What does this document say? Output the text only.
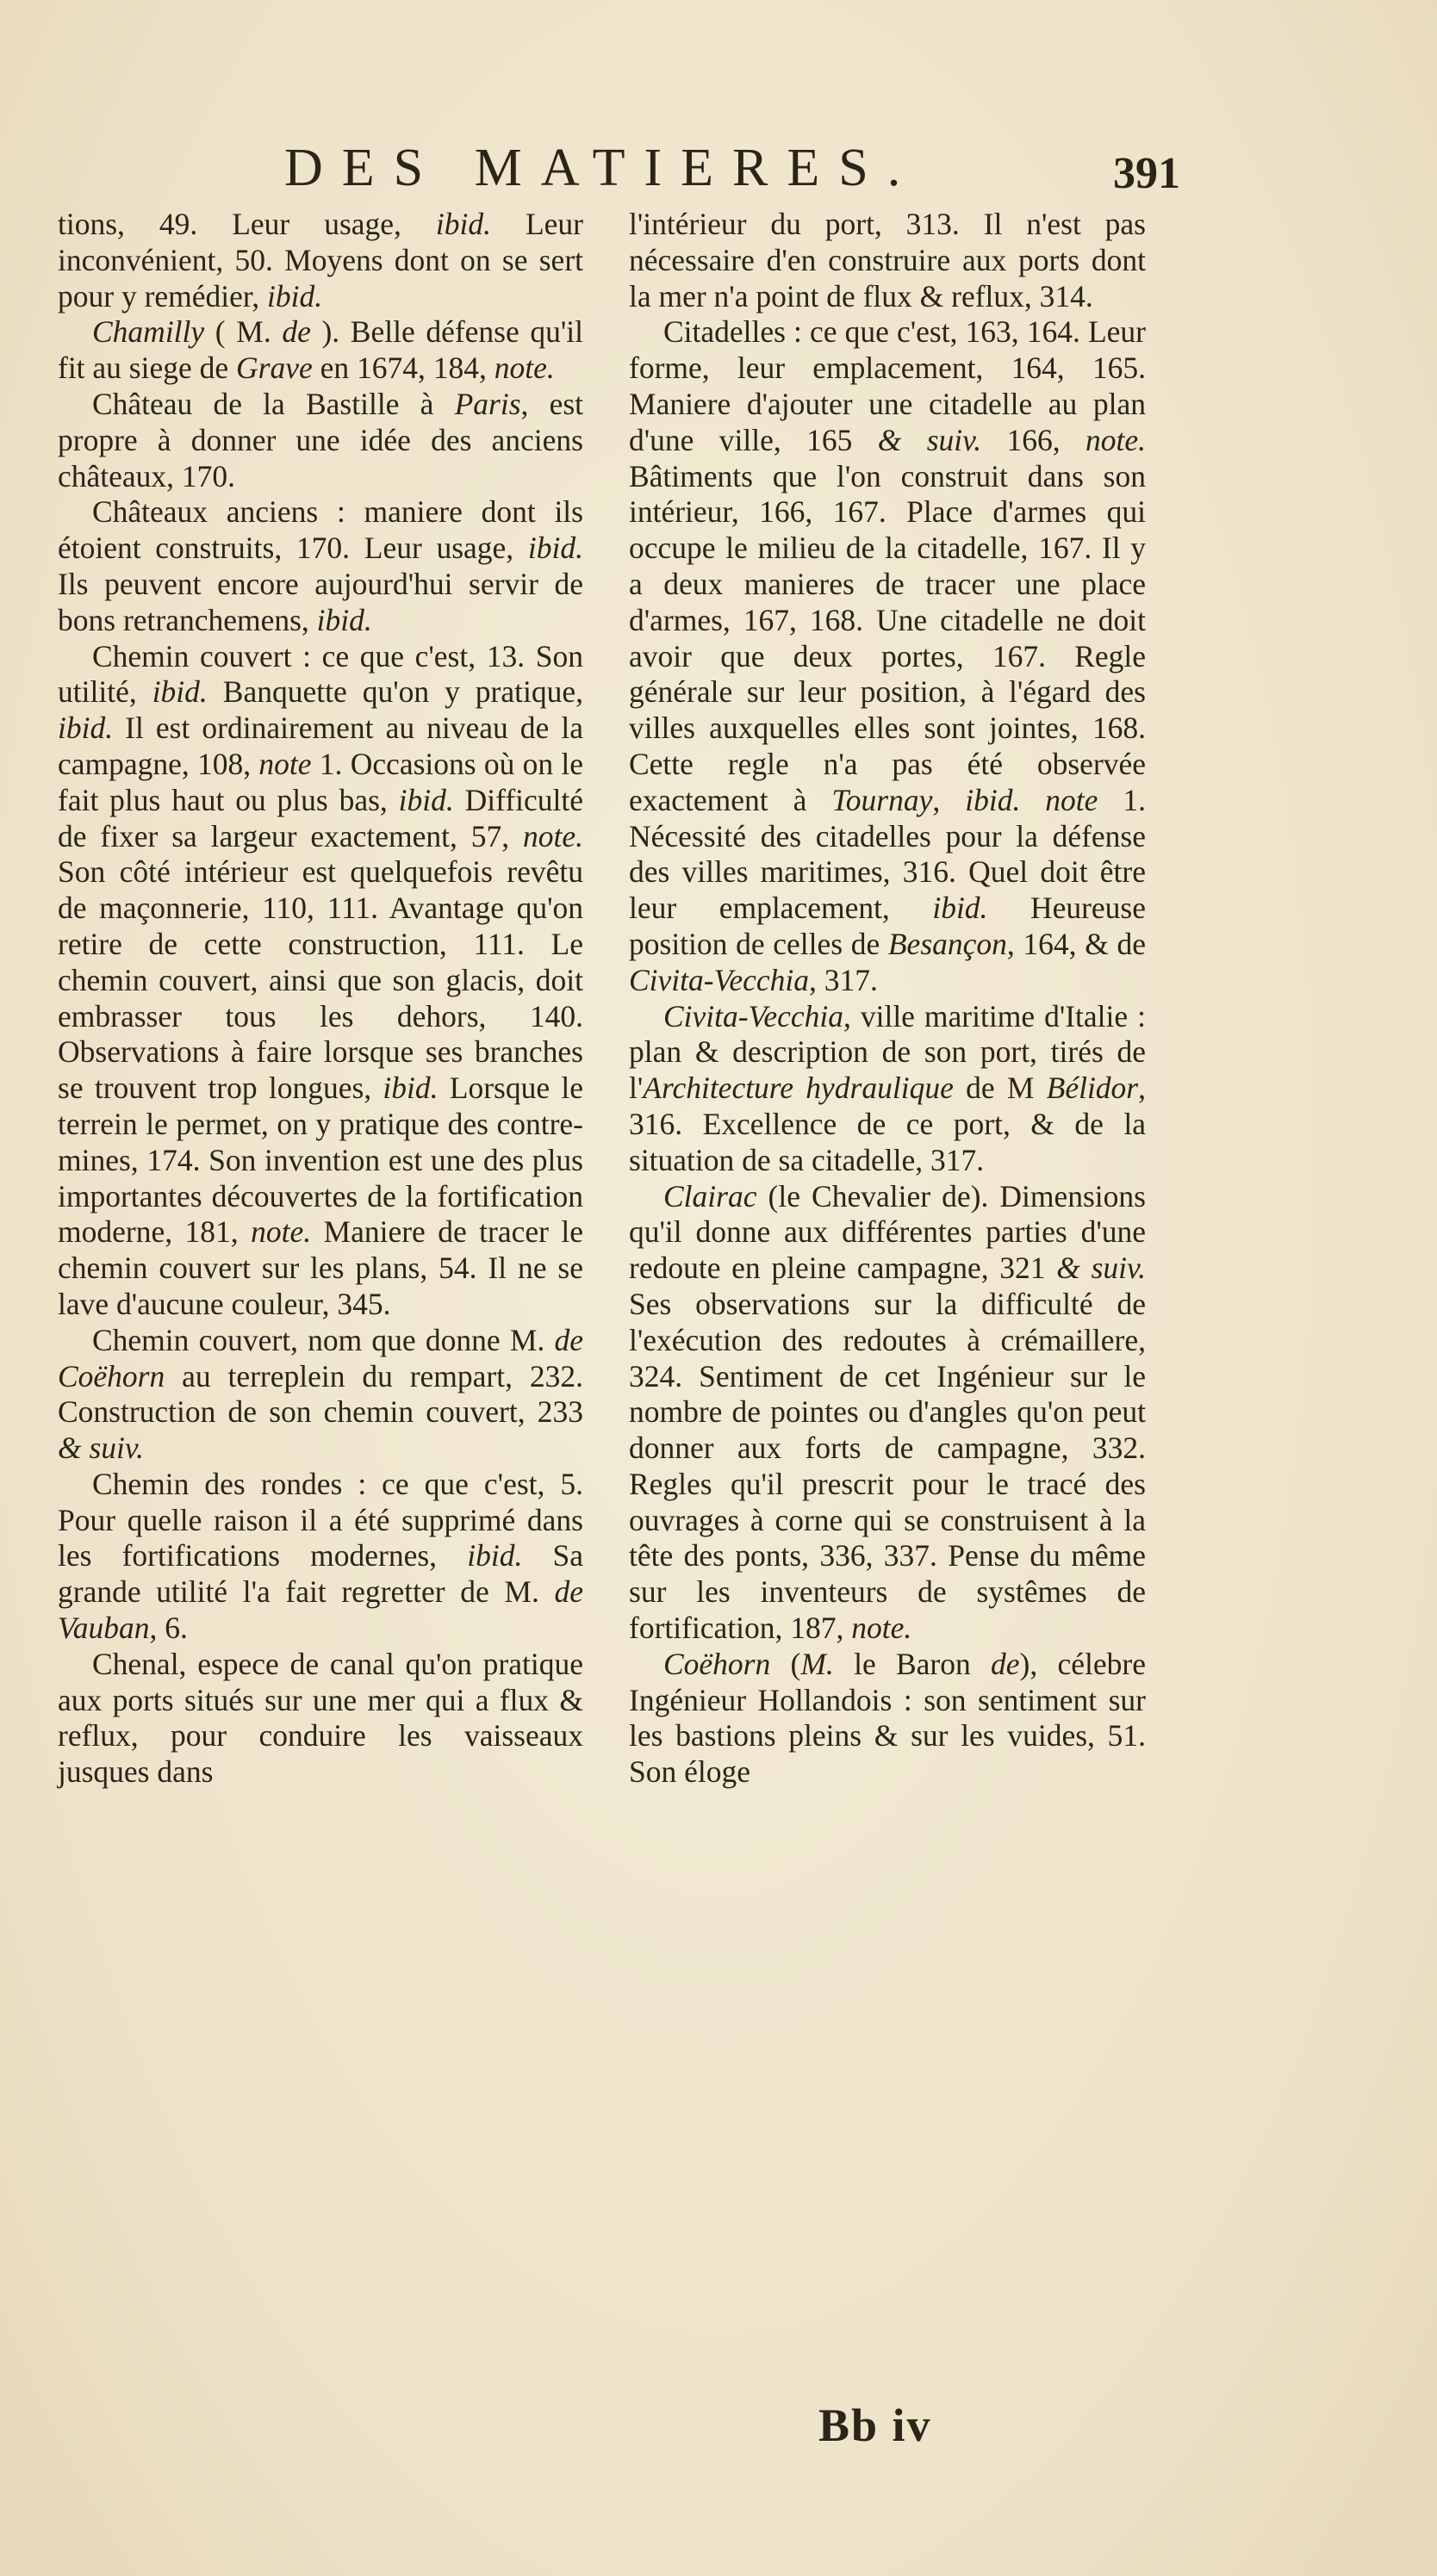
DES MATIERES.	391

tions, 49. Leur usage, ibid. Leur inconvénient, 50. Moyens dont on se sert pour y remédier, ibid.

Chamilly ( M. de ). Belle défense qu'il fit au siege de Grave en 1674, 184, note.

Château de la Bastille à Paris, est propre à donner une idée des anciens châteaux, 170.

Châteaux anciens : maniere dont ils étoient construits, 170. Leur usage, ibid. Ils peuvent encore aujourd'hui servir de bons retranchemens, ibid.

Chemin couvert : ce que c'est, 13. Son utilité, ibid. Banquette qu'on y pratique, ibid. Il est ordinairement au niveau de la campagne, 108, note 1. Occasions où on le fait plus haut ou plus bas, ibid. Difficulté de fixer sa largeur exactement, 57, note. Son côté intérieur est quelquefois revêtu de maçonnerie, 110, 111. Avantage qu'on retire de cette construction, 111. Le chemin couvert, ainsi que son glacis, doit embrasser tous les dehors, 140. Observations à faire lorsque ses branches se trouvent trop longues, ibid. Lorsque le terrein le permet, on y pratique des contre-mines, 174. Son invention est une des plus importantes découvertes de la fortification moderne, 181, note. Maniere de tracer le chemin couvert sur les plans, 54. Il ne se lave d'aucune couleur, 345.

Chemin couvert, nom que donne M. de Coëhorn au terreplein du rempart, 232. Construction de son chemin couvert, 233 & suiv.

Chemin des rondes : ce que c'est, 5. Pour quelle raison il a été supprimé dans les fortifications modernes, ibid. Sa grande utilité l'a fait regretter de M. de Vauban, 6.

Chenal, espece de canal qu'on pratique aux ports situés sur une mer qui a flux & reflux, pour conduire les vaisseaux jusques dans

l'intérieur du port, 313. Il n'est pas nécessaire d'en construire aux ports dont la mer n'a point de flux & reflux, 314.

Citadelles : ce que c'est, 163, 164. Leur forme, leur emplacement, 164, 165. Maniere d'ajouter une citadelle au plan d'une ville, 165 & suiv. 166, note. Bâtiments que l'on construit dans son intérieur, 166, 167. Place d'armes qui occupe le milieu de la citadelle, 167. Il y a deux manieres de tracer une place d'armes, 167, 168. Une citadelle ne doit avoir que deux portes, 167. Regle générale sur leur position, à l'égard des villes auxquelles elles sont jointes, 168. Cette regle n'a pas été observée exactement à Tournay, ibid. note 1. Nécessité des citadelles pour la défense des villes maritimes, 316. Quel doit être leur emplacement, ibid. Heureuse position de celles de Besançon, 164, & de Civita-Vecchia, 317.

Civita-Vecchia, ville maritime d'Italie : plan & description de son port, tirés de l'Architecture hydraulique de M Bélidor, 316. Excellence de ce port, & de la situation de sa citadelle, 317.

Clairac (le Chevalier de). Dimensions qu'il donne aux différentes parties d'une redoute en pleine campagne, 321 & suiv. Ses observations sur la difficulté de l'exécution des redoutes à crémaillere, 324. Sentiment de cet Ingénieur sur le nombre de pointes ou d'angles qu'on peut donner aux forts de campagne, 332. Regles qu'il prescrit pour le tracé des ouvrages à corne qui se construisent à la tête des ponts, 336, 337. Pense du même sur les inventeurs de systêmes de fortification, 187, note.

Coëhorn (M. le Baron de), célebre Ingénieur Hollandois : son sentiment sur les bastions pleins & sur les vuides, 51. Son éloge

Bb iv
